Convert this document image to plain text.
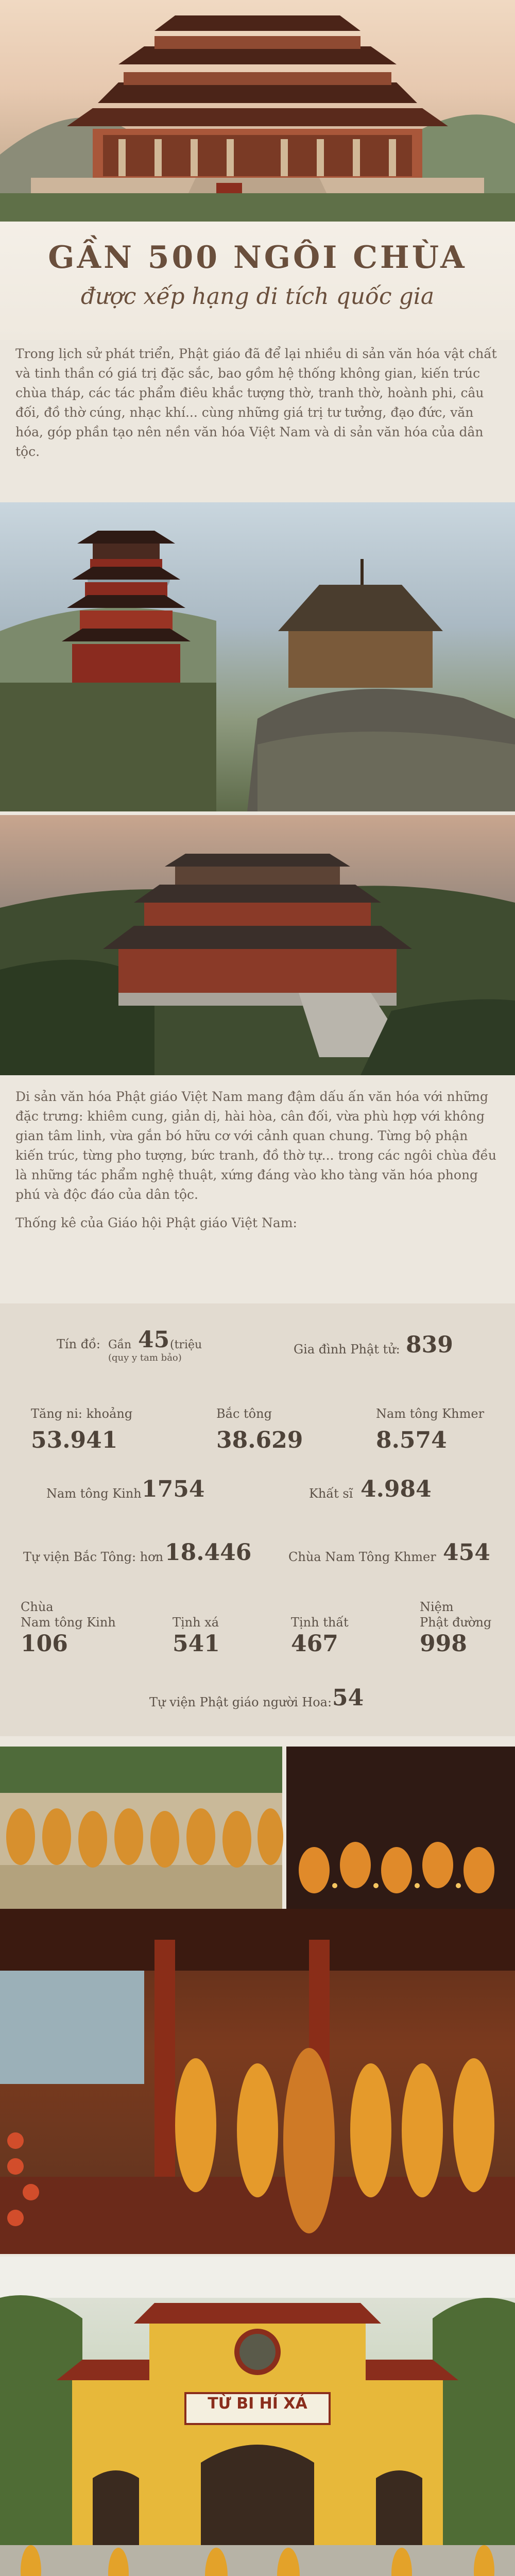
GẦN 500 NGÔI CHÙA
được xếp hạng di tích quốc gia
Trong lịch sử phát triển, Phật giáo đã để lại nhiều di sản văn hóa vật chất và tinh thần có giá trị đặc sắc, bao gồm hệ thống không gian, kiến trúc chùa tháp, các tác phẩm điêu khắc tượng thờ, tranh thờ, hoành phi, câu đối, đồ thờ cúng, nhạc khí... cùng những giá trị tư tưởng, đạo đức, văn hóa, góp phần tạo nên nền văn hóa Việt Nam và di sản văn hóa của dân tộc.
Di sản văn hóa Phật giáo Việt Nam mang đậm dấu ấn văn hóa với những đặc trưng: khiêm cung, giản dị, hài hòa, cân đối, vừa phù hợp với không gian tâm linh, vừa gắn bó hữu cơ với cảnh quan chung. Từng bộ phận kiến trúc, từng pho tượng, bức tranh, đồ thờ tự... trong các ngôi chùa đều là những tác phẩm nghệ thuật, xứng đáng vào kho tàng văn hóa phong phú và độc đáo của dân tộc.
Thống kê của Giáo hội Phật giáo Việt Nam:
Tín đồ: Gần 45 (triệu
(quy y tam bảo)
Gia đình Phật tử: 839
Tăng ni: khoảng
53.941
Bắc tông
38.629
Nam tông Khmer
8.574
Nam tông Kinh 1754	Khất sĩ 4.984
Tự viện Bắc Tông: hơn 18.446	Chùa Nam Tông Khmer 454
Chùa
Nam tông Kinh
106
Tịnh xá
541
Tịnh thất
467
Niệm
Phật đường
998
Tự viện Phật giáo người Hoa: 54
TỪ BI HỈ XẢ
